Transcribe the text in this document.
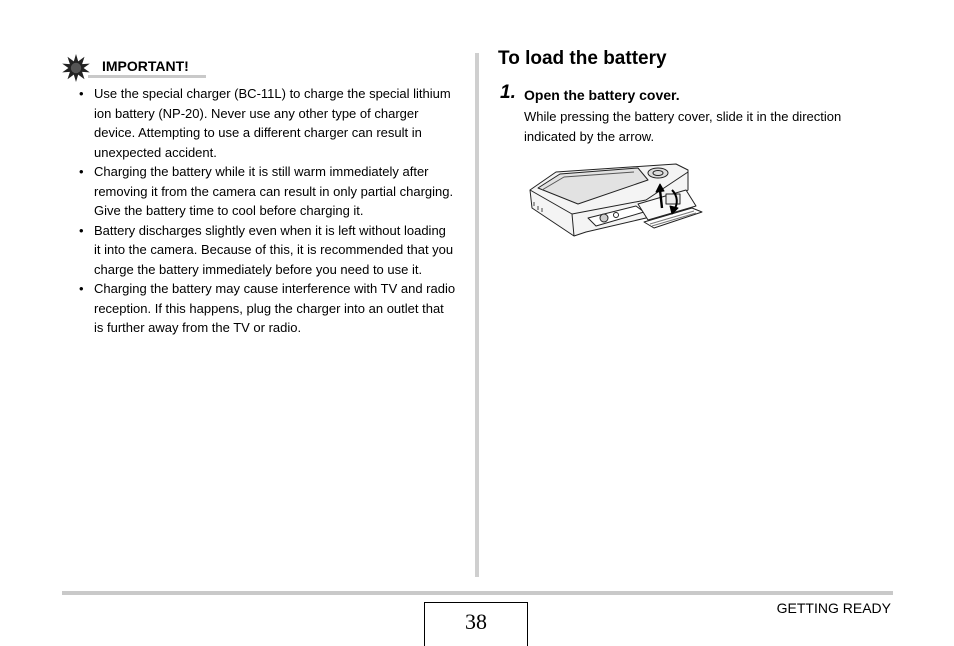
IMPORTANT!
• Use the special charger (BC-11L) to charge the special lithium ion battery (NP-20). Never use any other type of charger device. Attempting to use a different charger can result in unexpected accident.
• Charging the battery while it is still warm immediately after removing it from the camera can result in only partial charging. Give the battery time to cool before charging it.
• Battery discharges slightly even when it is left without loading it into the camera. Because of this, it is recommended that you charge the battery immediately before you need to use it.
• Charging the battery may cause interference with TV and radio reception. If this happens, plug the charger into an outlet that is further away from the TV or radio.
To load the battery
1. Open the battery cover.
While pressing the battery cover, slide it in the direction indicated by the arrow.
38
GETTING READY
